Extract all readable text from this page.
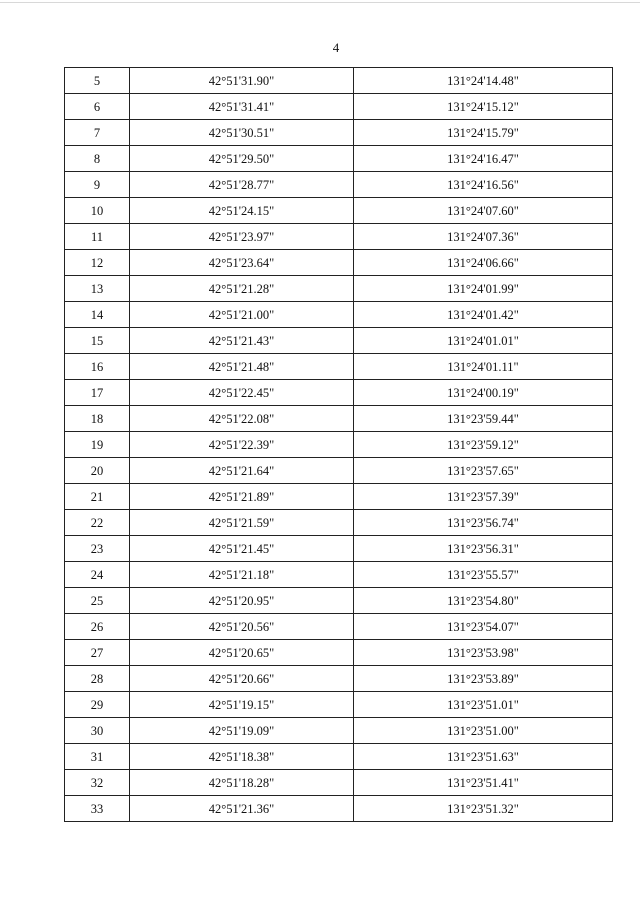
4
5	42°51'31.90"	131°24'14.48"
6	42°51'31.41"	131°24'15.12"
7	42°51'30.51"	131°24'15.79"
8	42°51'29.50"	131°24'16.47"
9	42°51'28.77"	131°24'16.56"
10	42°51'24.15"	131°24'07.60"
11	42°51'23.97"	131°24'07.36"
12	42°51'23.64"	131°24'06.66"
13	42°51'21.28"	131°24'01.99"
14	42°51'21.00"	131°24'01.42"
15	42°51'21.43"	131°24'01.01"
16	42°51'21.48"	131°24'01.11"
17	42°51'22.45"	131°24'00.19"
18	42°51'22.08"	131°23'59.44"
19	42°51'22.39"	131°23'59.12"
20	42°51'21.64"	131°23'57.65"
21	42°51'21.89"	131°23'57.39"
22	42°51'21.59"	131°23'56.74"
23	42°51'21.45"	131°23'56.31"
24	42°51'21.18"	131°23'55.57"
25	42°51'20.95"	131°23'54.80"
26	42°51'20.56"	131°23'54.07"
27	42°51'20.65"	131°23'53.98"
28	42°51'20.66"	131°23'53.89"
29	42°51'19.15"	131°23'51.01"
30	42°51'19.09"	131°23'51.00"
31	42°51'18.38"	131°23'51.63"
32	42°51'18.28"	131°23'51.41"
33	42°51'21.36"	131°23'51.32"
